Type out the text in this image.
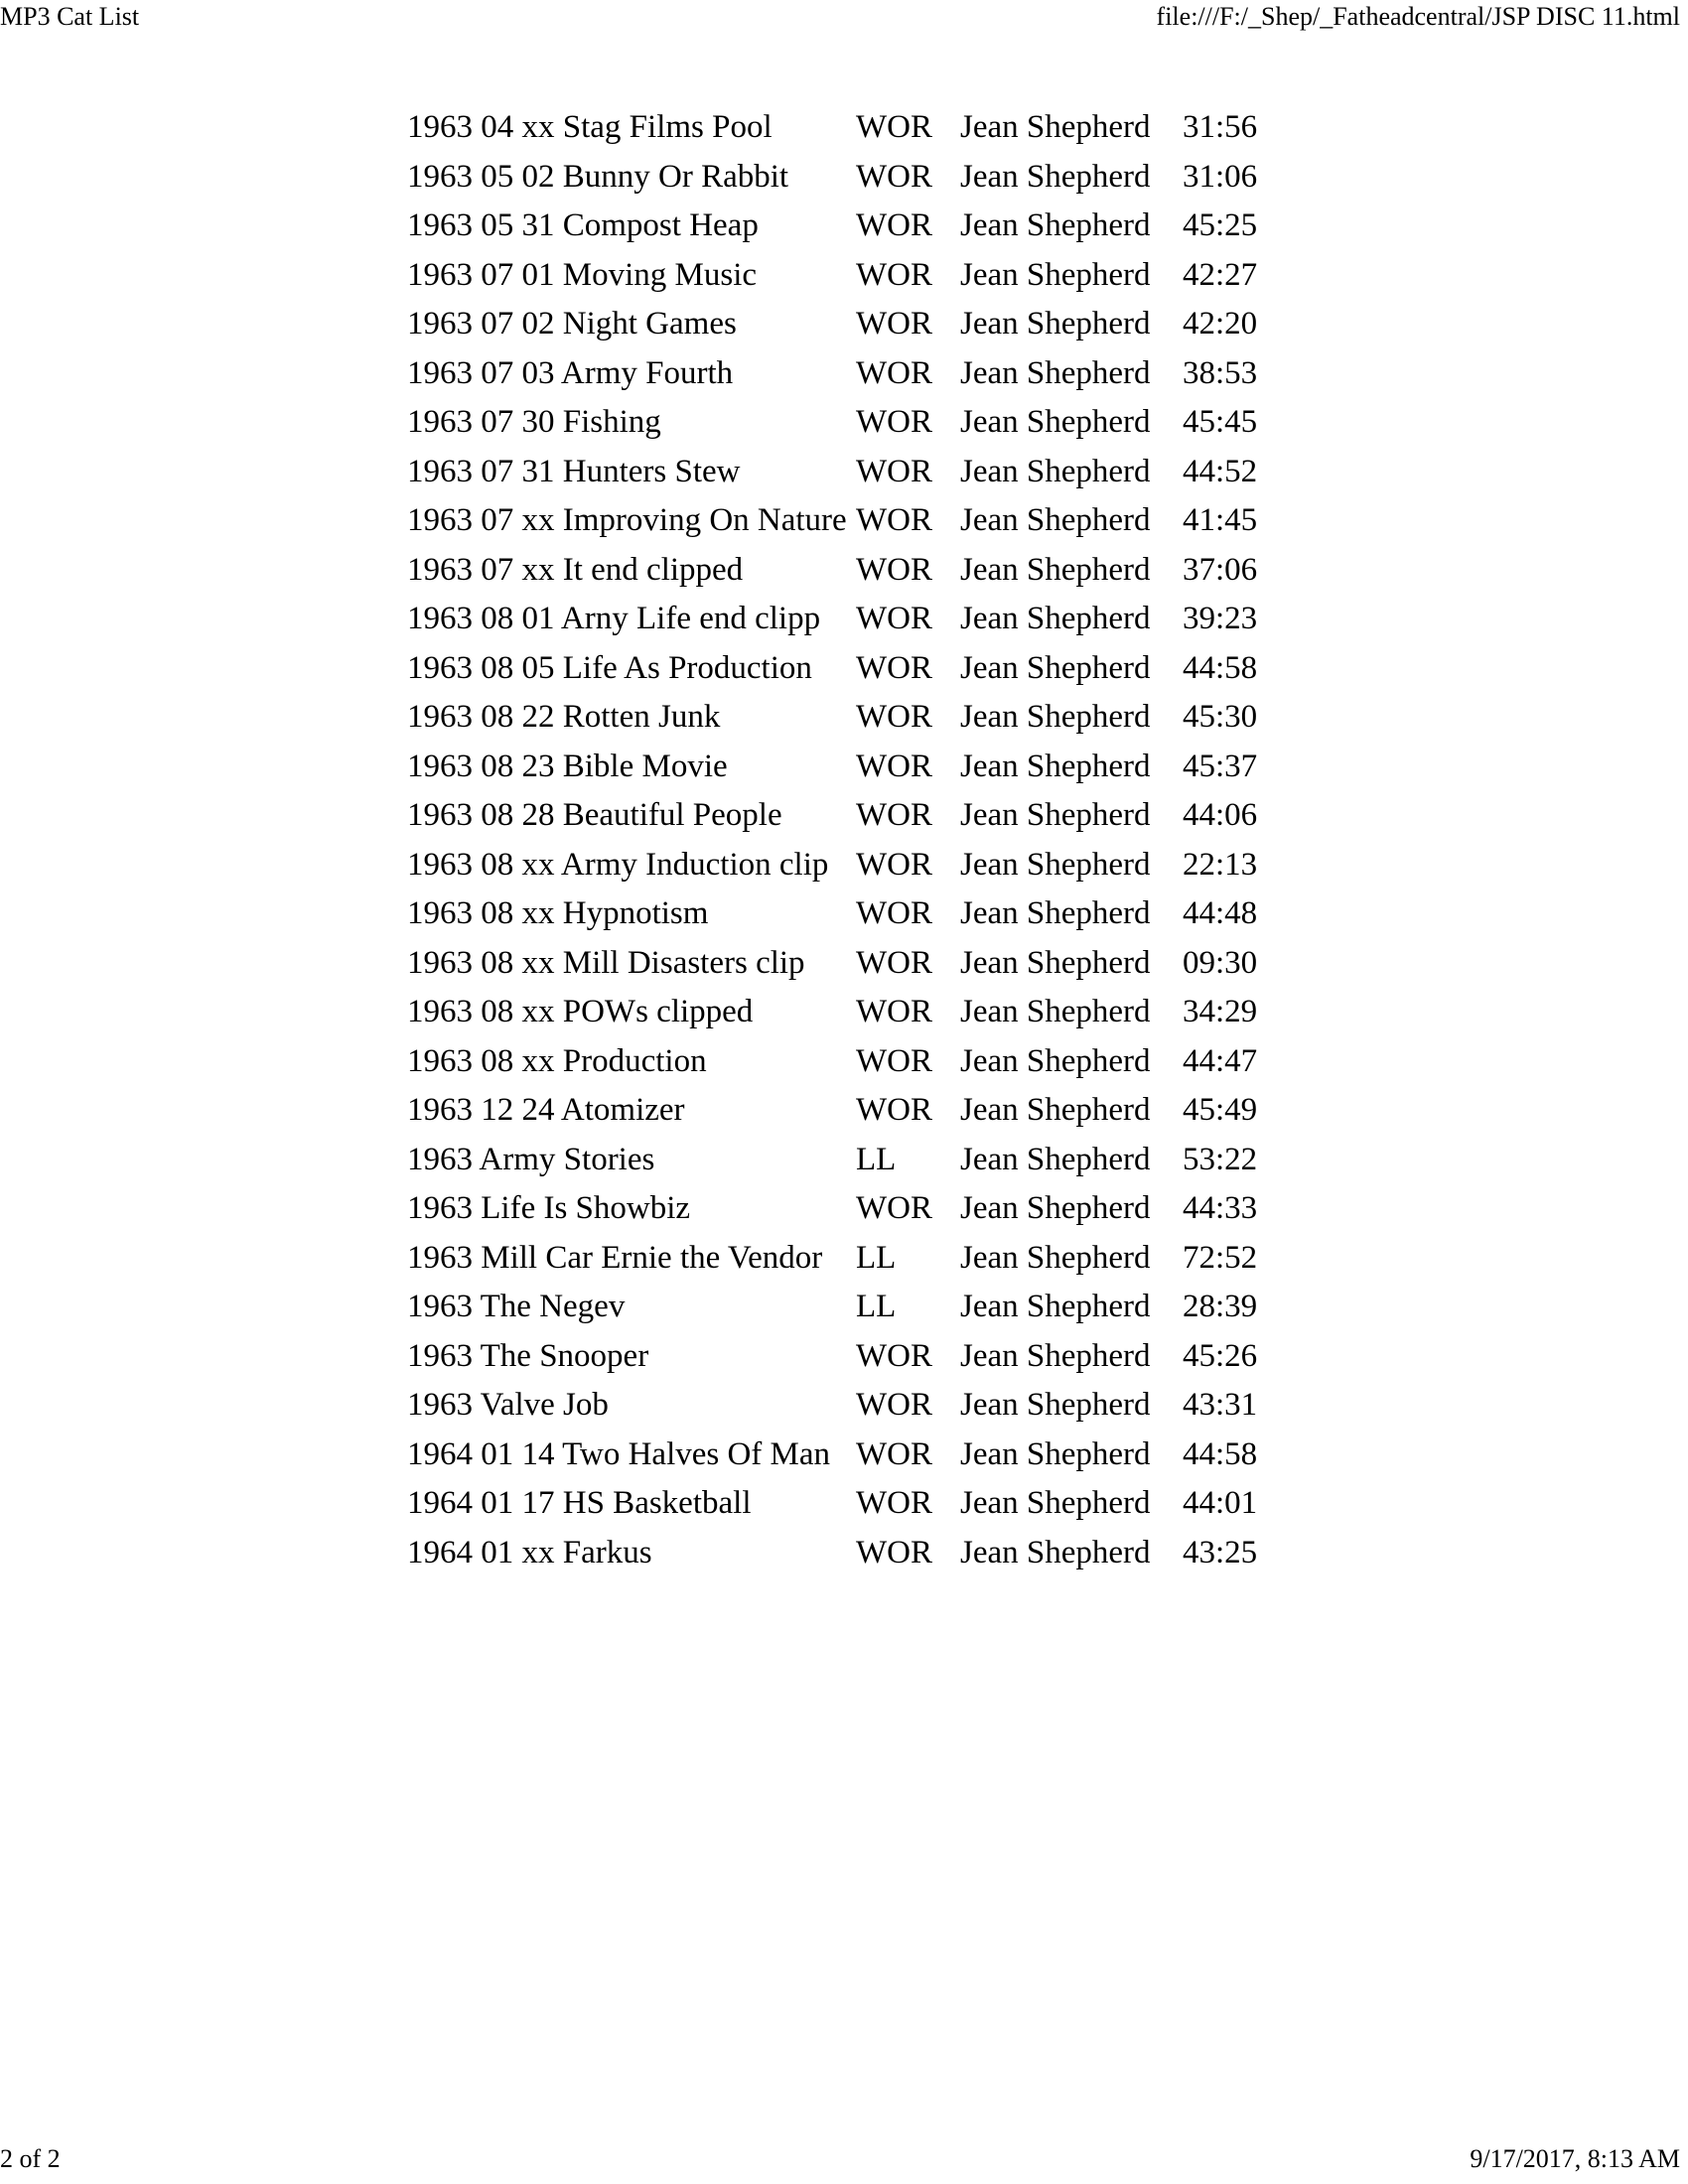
MP3 Cat List	file:///F:/_Shep/_Fatheadcentral/JSP DISC 11.html
1963 04 xx Stag Films Pool	WOR	Jean Shepherd	31:56
1963 05 02 Bunny Or Rabbit	WOR	Jean Shepherd	31:06
1963 05 31 Compost Heap	WOR	Jean Shepherd	45:25
1963 07 01 Moving Music	WOR	Jean Shepherd	42:27
1963 07 02 Night Games	WOR	Jean Shepherd	42:20
1963 07 03 Army Fourth	WOR	Jean Shepherd	38:53
1963 07 30 Fishing	WOR	Jean Shepherd	45:45
1963 07 31 Hunters Stew	WOR	Jean Shepherd	44:52
1963 07 xx Improving On Nature	WOR	Jean Shepherd	41:45
1963 07 xx It end clipped	WOR	Jean Shepherd	37:06
1963 08 01 Arny Life end clipp	WOR	Jean Shepherd	39:23
1963 08 05 Life As Production	WOR	Jean Shepherd	44:58
1963 08 22 Rotten Junk	WOR	Jean Shepherd	45:30
1963 08 23 Bible Movie	WOR	Jean Shepherd	45:37
1963 08 28 Beautiful People	WOR	Jean Shepherd	44:06
1963 08 xx Army Induction clip	WOR	Jean Shepherd	22:13
1963 08 xx Hypnotism	WOR	Jean Shepherd	44:48
1963 08 xx Mill Disasters clip	WOR	Jean Shepherd	09:30
1963 08 xx POWs clipped	WOR	Jean Shepherd	34:29
1963 08 xx Production	WOR	Jean Shepherd	44:47
1963 12 24 Atomizer	WOR	Jean Shepherd	45:49
1963 Army Stories	LL	Jean Shepherd	53:22
1963 Life Is Showbiz	WOR	Jean Shepherd	44:33
1963 Mill Car Ernie the Vendor	LL	Jean Shepherd	72:52
1963 The Negev	LL	Jean Shepherd	28:39
1963 The Snooper	WOR	Jean Shepherd	45:26
1963 Valve Job	WOR	Jean Shepherd	43:31
1964 01 14 Two Halves Of Man	WOR	Jean Shepherd	44:58
1964 01 17 HS Basketball	WOR	Jean Shepherd	44:01
1964 01 xx Farkus	WOR	Jean Shepherd	43:25
2 of 2	9/17/2017, 8:13 AM
